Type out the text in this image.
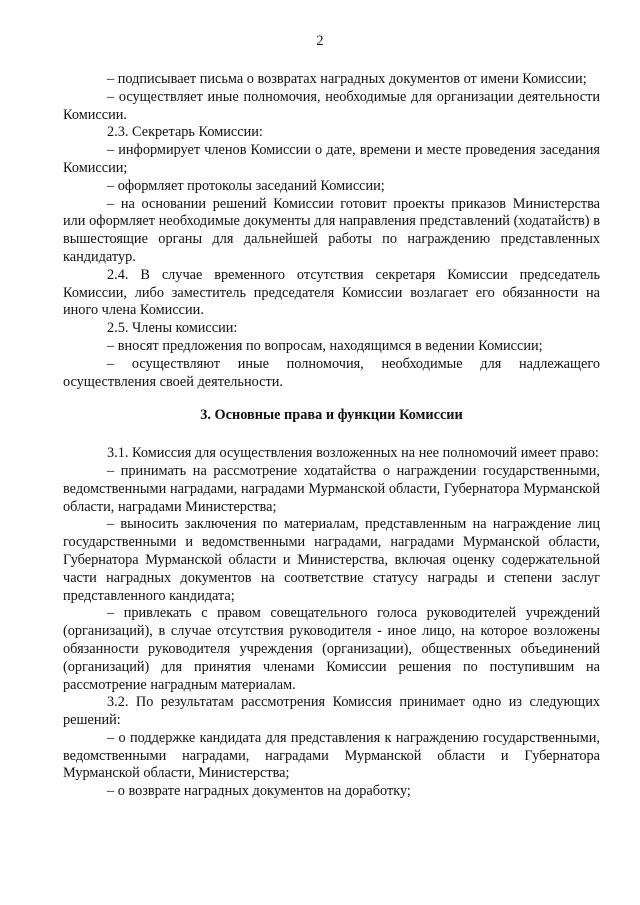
2

– подписывает письма о возвратах наградных документов от имени Комиссии;

– осуществляет иные полномочия, необходимые для организации деятельности Комиссии.

2.3. Секретарь Комиссии:

– информирует членов Комиссии о дате, времени и месте проведения заседания Комиссии;

– оформляет протоколы заседаний Комиссии;

– на основании решений Комиссии готовит проекты приказов Министерства или оформляет необходимые документы для направления представлений (ходатайств) в вышестоящие органы для дальнейшей работы по награждению представленных кандидатур.

2.4. В случае временного отсутствия секретаря Комиссии председатель Комиссии, либо заместитель председателя Комиссии возлагает его обязанности на иного члена Комиссии.

2.5. Члены комиссии:

– вносят предложения по вопросам, находящимся в ведении Комиссии;

– осуществляют иные полномочия, необходимые для надлежащего осуществления своей деятельности.

3. Основные права и функции Комиссии

3.1. Комиссия для осуществления возложенных на нее полномочий имеет право:

– принимать на рассмотрение ходатайства о награждении государственными, ведомственными наградами, наградами Мурманской области, Губернатора Мурманской области, наградами Министерства;

– выносить заключения по материалам, представленным на награждение лиц государственными и ведомственными наградами, наградами Мурманской области, Губернатора Мурманской области и Министерства, включая оценку содержательной части наградных документов на соответствие статусу награды и степени заслуг представленного кандидата;

– привлекать с правом совещательного голоса руководителей учреждений (организаций), в случае отсутствия руководителя - иное лицо, на которое возложены обязанности руководителя учреждения (организации), общественных объединений (организаций) для принятия членами Комиссии решения по поступившим на рассмотрение наградным материалам.

3.2. По результатам рассмотрения Комиссия принимает одно из следующих решений:

– о поддержке кандидата для представления к награждению государственными, ведомственными наградами, наградами Мурманской области и Губернатора Мурманской области, Министерства;

– о возврате наградных документов на доработку;
